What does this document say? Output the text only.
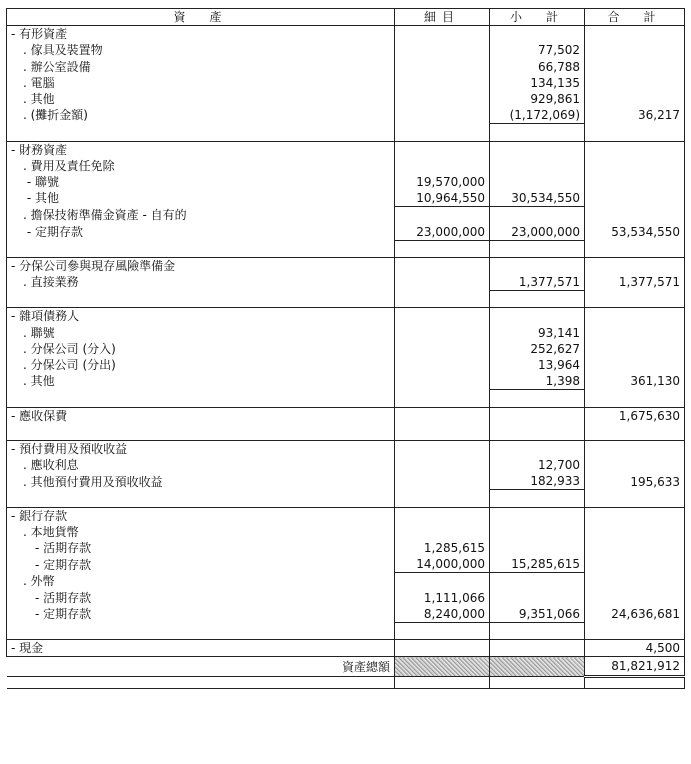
資　產	細目	小　計	合　計
- 有形資產			
　. 傢具及裝置物		77,502	
　. 辦公室設備		66,788	
　. 電腦		134,135	
　. 其他		929,861	
　. (攤折金額)		(1,172,069)	36,217

- 財務資產			
　. 費用及責任免除			
　 - 聯號	19,570,000		
　 - 其他	10,964,550	30,534,550	
　. 擔保技術準備金資產 - 自有的			
　 - 定期存款	23,000,000	23,000,000	53,534,550

- 分保公司參與現存風險準備金			
　. 直接業務		1,377,571	1,377,571

- 雜項債務人			
　. 聯號		93,141	
　. 分保公司 (分入)		252,627	
　. 分保公司 (分出)		13,964	
　. 其他		1,398	361,130

- 應收保費			1,675,630

- 預付費用及預收收益			
　. 應收利息		12,700	
　. 其他預付費用及預收收益		182,933	195,633

- 銀行存款			
　. 本地貨幣			
　　- 活期存款	1,285,615		
　　- 定期存款	14,000,000	15,285,615	
　. 外幣			
　　- 活期存款	1,111,066		
　　- 定期存款	8,240,000	9,351,066	24,636,681

- 現金			4,500
資產總額			81,821,912
